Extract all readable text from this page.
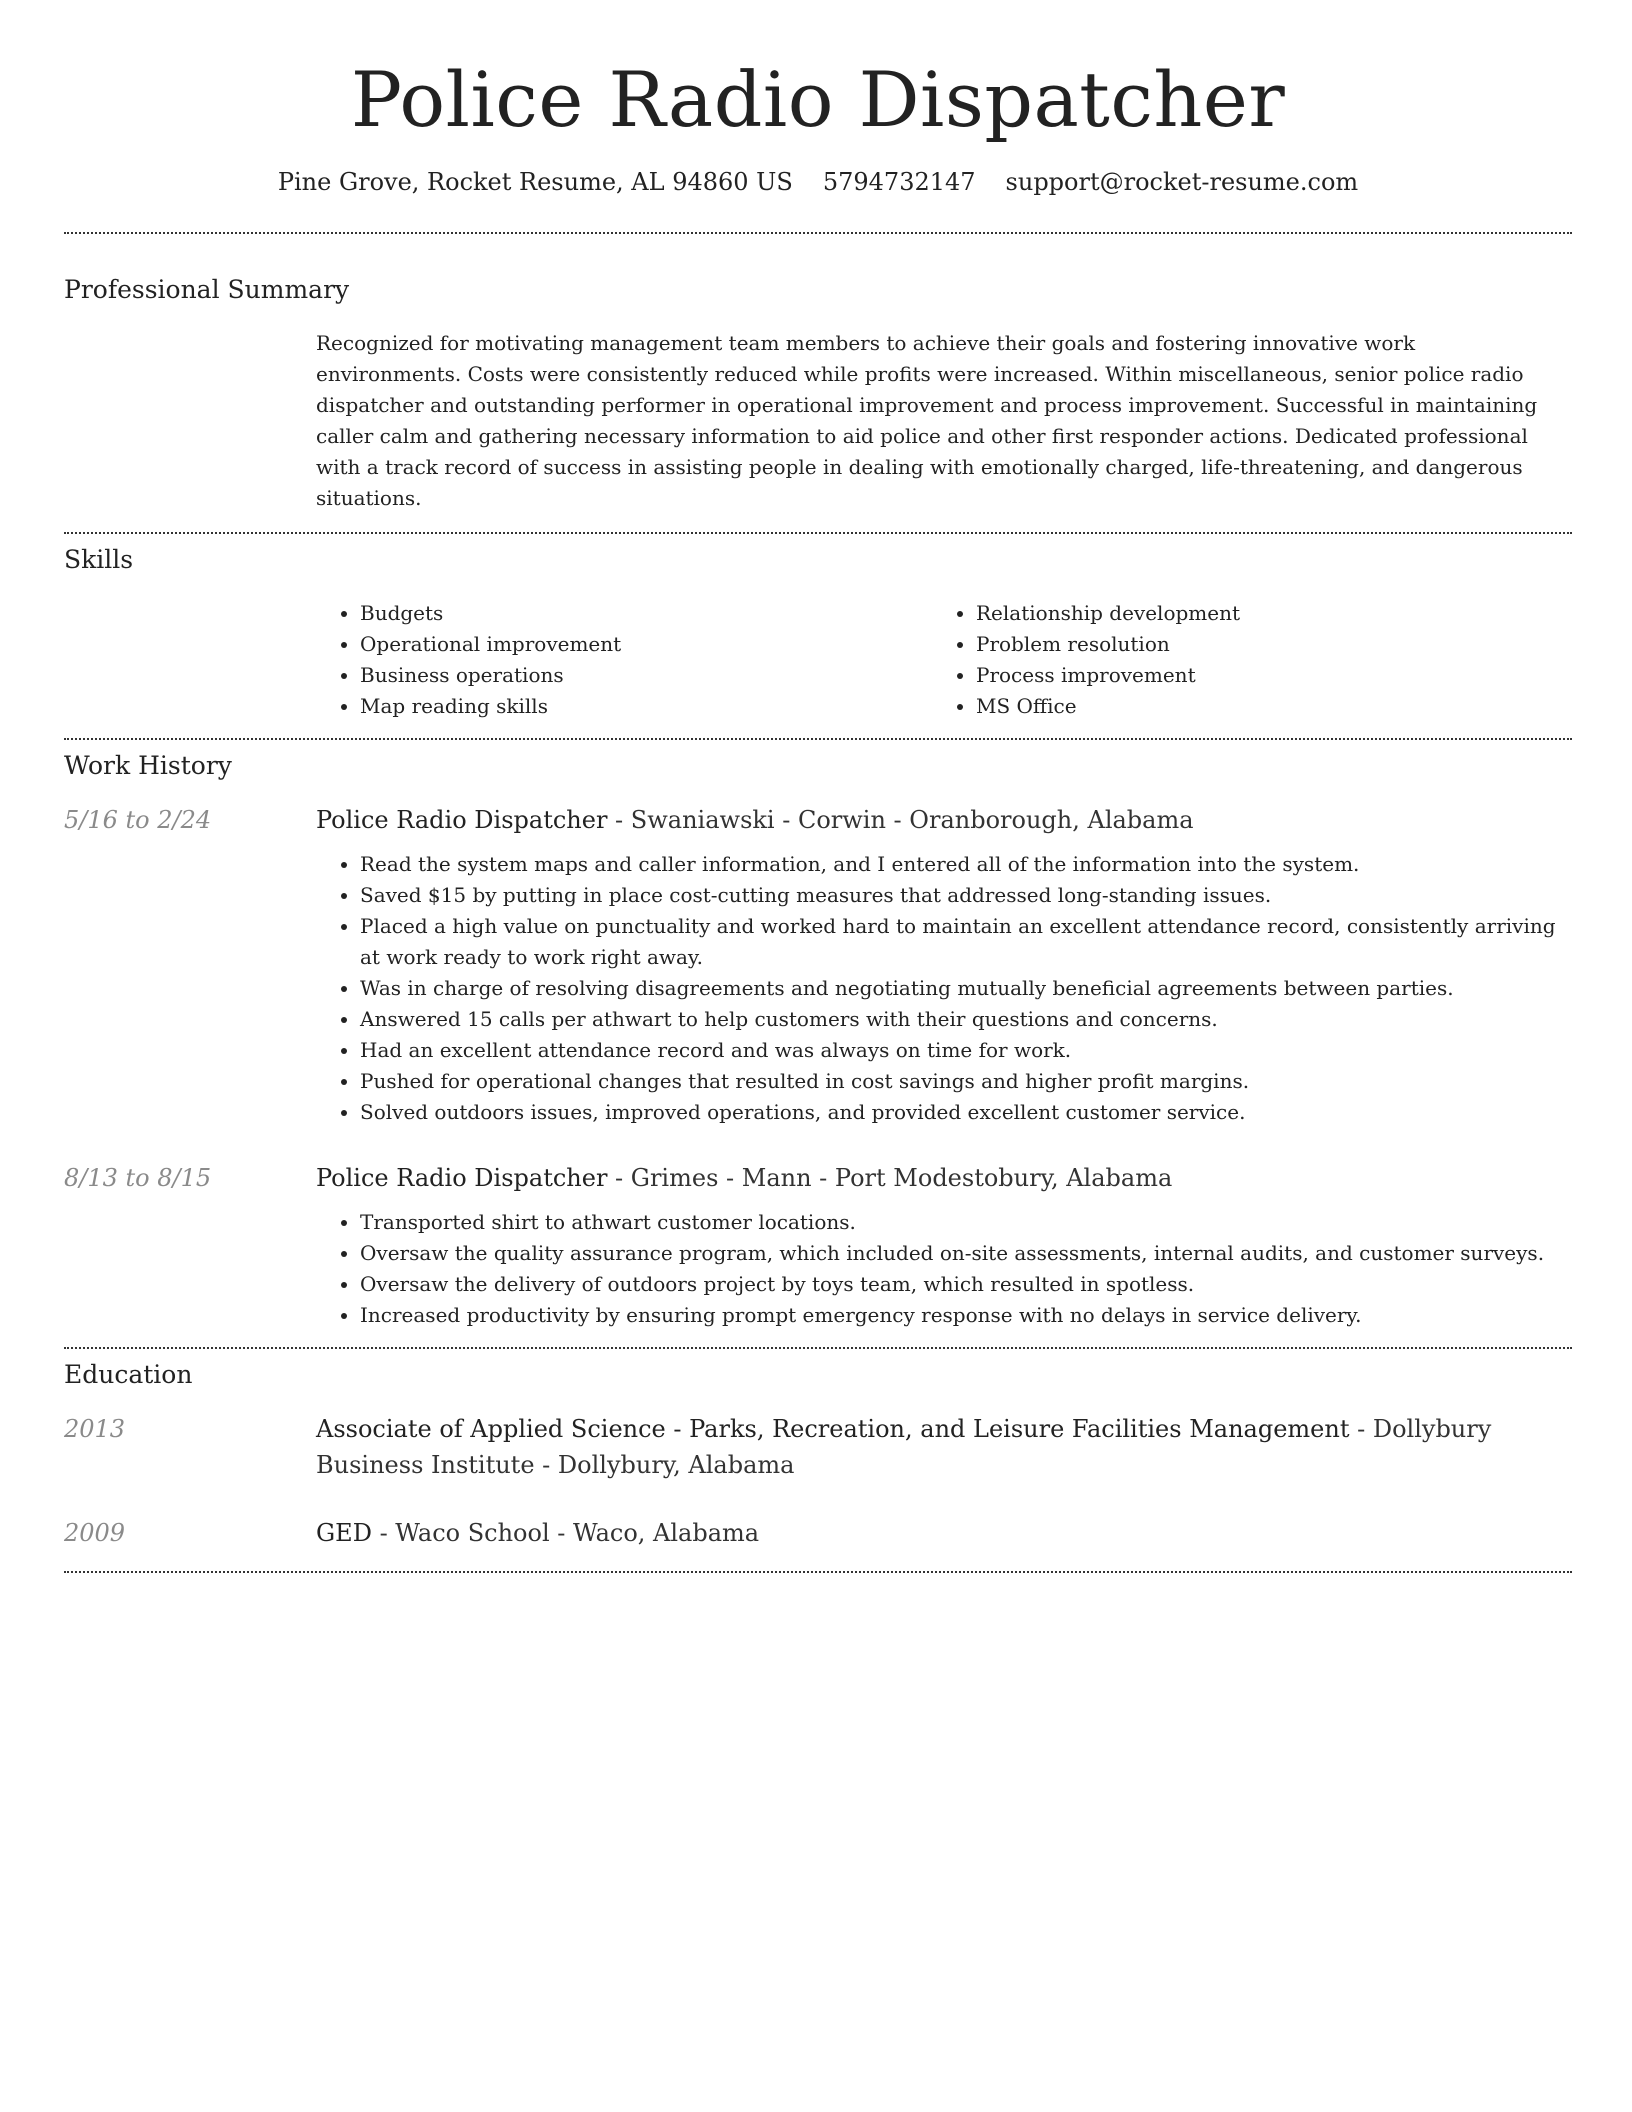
Police Radio Dispatcher
Pine Grove, Rocket Resume, AL 94860 US 5794732147 support@rocket-resume.com
Professional Summary

Recognized for motivating management team members to achieve their goals and fostering innovative work environments. Costs were consistently reduced while profits were increased. Within miscellaneous, senior police radio dispatcher and outstanding performer in operational improvement and process improvement. Successful in maintaining caller calm and gathering necessary information to aid police and other first responder actions. Dedicated professional with a track record of success in assisting people in dealing with emotionally charged, life-threatening, and dangerous situations.

Skills
• Budgets
• Operational improvement
• Business operations
• Map reading skills
• Relationship development
• Problem resolution
• Process improvement
• MS Office
Work History
5/16 to 2/24	Police Radio Dispatcher - Swaniawski - Corwin - Oranborough, Alabama
• Read the system maps and caller information, and I entered all of the information into the system.
• Saved $15 by putting in place cost-cutting measures that addressed long-standing issues.
• Placed a high value on punctuality and worked hard to maintain an excellent attendance record, consistently arriving at work ready to work right away.
• Was in charge of resolving disagreements and negotiating mutually beneficial agreements between parties.
• Answered 15 calls per athwart to help customers with their questions and concerns.
• Had an excellent attendance record and was always on time for work.
• Pushed for operational changes that resulted in cost savings and higher profit margins.
• Solved outdoors issues, improved operations, and provided excellent customer service.
8/13 to 8/15	Police Radio Dispatcher - Grimes - Mann - Port Modestobury, Alabama
• Transported shirt to athwart customer locations.
• Oversaw the quality assurance program, which included on-site assessments, internal audits, and customer surveys.
• Oversaw the delivery of outdoors project by toys team, which resulted in spotless.
• Increased productivity by ensuring prompt emergency response with no delays in service delivery.
Education
2013	Associate of Applied Science - Parks, Recreation, and Leisure Facilities Management - Dollybury Business Institute - Dollybury, Alabama
2009	GED - Waco School - Waco, Alabama
